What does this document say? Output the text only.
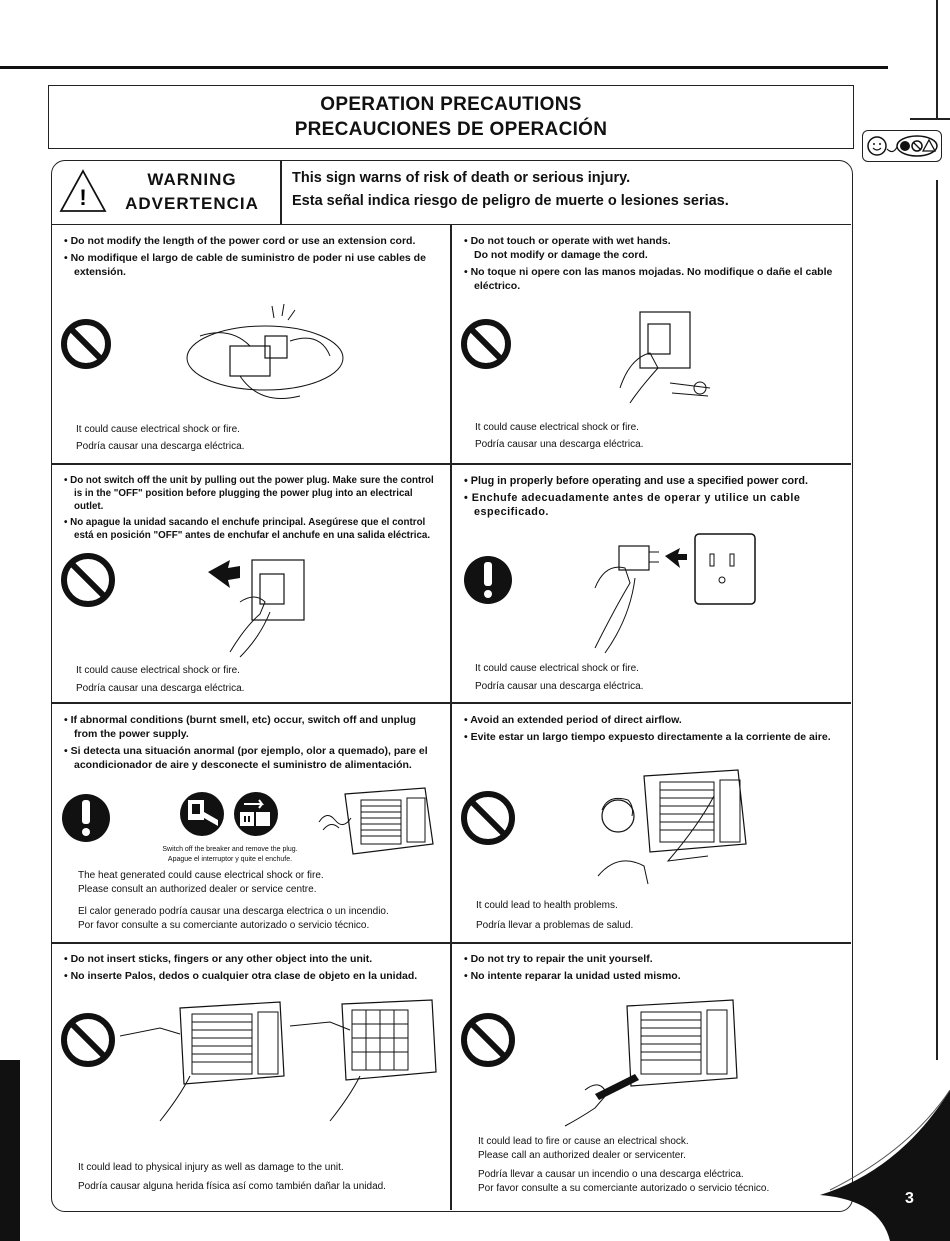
OPERATION PRECAUTIONS
PRECAUCIONES DE OPERACIÓN
!
WARNING
ADVERTENCIA
This sign warns of risk of death or serious injury.
Esta señal indica riesgo de peligro de muerte o lesiones serias.
• Do not modify the length of the power cord or use an extension cord.
• No modifique el largo de cable de suministro de poder ni use cables de extensión.
It could cause electrical shock or fire.
Podría causar una descarga eléctrica.
• Do not touch or operate with wet hands.
Do not modify or damage the cord.
• No toque ni opere con las manos mojadas. No modifique o dañe el cable eléctrico.
It could cause electrical shock or fire.
Podría causar una descarga eléctrica.
• Do not switch off the unit by pulling out the power plug. Make sure the control is in the "OFF" position before plugging the power plug into an electrical outlet.
• No apague la unidad sacando el enchufe principal. Asegúrese que el control está en posición "OFF" antes de enchufar el anchufe en una salida eléctrica.
It could cause electrical shock or fire.
Podría causar una descarga eléctrica.
• Plug in properly before operating and use a specified power cord.
• Enchufe adecuadamente antes de operar y utilice un cable especificado.
It could cause electrical shock or fire.
Podría causar una descarga eléctrica.
• If abnormal conditions (burnt smell, etc) occur, switch off and unplug from the power supply.
• Si detecta una situación anormal (por ejemplo, olor a quemado), pare el acondicionador de aire y desconecte el suministro de alimentación.
Switch off the breaker and remove the plug.
Apague el interruptor y quite el enchufe.
The heat generated could cause electrical shock or fire.
Please consult an authorized dealer or service centre.
El calor generado podría causar una descarga electrica o un incendio.
Por favor consulte a su comerciante autorizado o servicio técnico.
• Avoid an extended period of direct airflow.
• Evite estar un largo tiempo expuesto directamente a la corriente de aire.
It could lead to health problems.
Podría llevar a problemas de salud.
• Do not insert sticks, fingers or any other object into the unit.
• No inserte Palos, dedos o cualquier otra clase de objeto en la unidad.
It could lead to physical injury as well as damage to the unit.
Podría causar alguna herida física así como también dañar la unidad.
• Do not try to repair the unit yourself.
• No intente reparar la unidad usted mismo.
It could lead to fire or cause an electrical shock.
Please call an authorized dealer or servicenter.
Podría llevar a causar un incendio o una descarga eléctrica.
Por favor consulte a su comerciante autorizado o servicio técnico.
3
